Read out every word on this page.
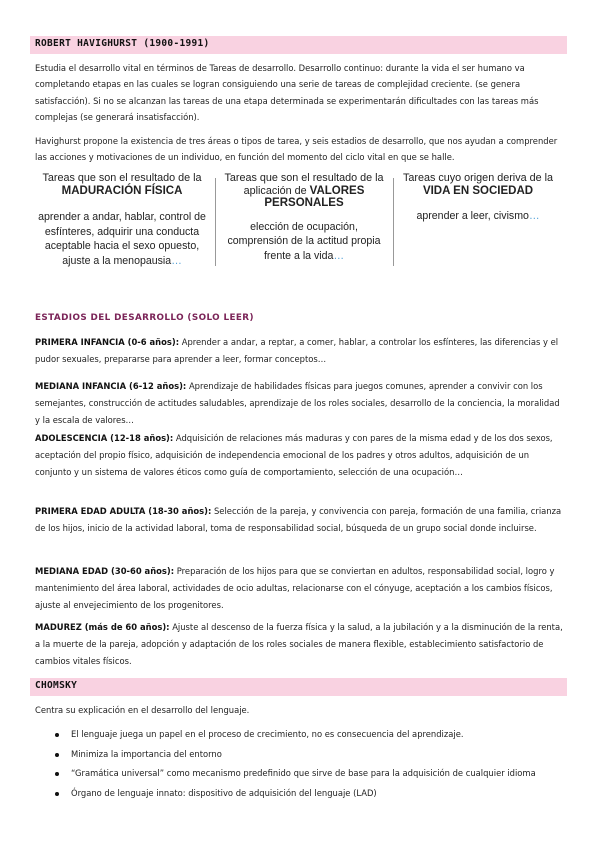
ROBERT HAVIGHURST (1900-1991)

Estudia el desarrollo vital en términos de Tareas de desarrollo. Desarrollo continuo: durante la vida el ser humano va completando etapas en las cuales se logran consiguiendo una serie de tareas de complejidad creciente. (se genera satisfacción). Si no se alcanzan las tareas de una etapa determinada se experimentarán dificultades con las tareas más complejas (se generará insatisfacción).

Havighurst propone la existencia de tres áreas o tipos de tarea, y seis estadios de desarrollo, que nos ayudan a comprender las acciones y motivaciones de un individuo, en función del momento del ciclo vital en que se halle.

Tareas que son el resultado de la MADURACIÓN FÍSICA
aprender a andar, hablar, control de esfínteres, adquirir una conducta aceptable hacia el sexo opuesto, ajuste a la menopausia…
Tareas que son el resultado de la aplicación de VALORES PERSONALES
elección de ocupación, comprensión de la actitud propia frente a la vida…
Tareas cuyo origen deriva de la VIDA EN SOCIEDAD
aprender a leer, civismo…
ESTADIOS DEL DESARROLLO (SOLO LEER)

PRIMERA INFANCIA (0-6 años): Aprender a andar, a reptar, a comer, hablar, a controlar los esfínteres, las diferencias y el pudor sexuales, prepararse para aprender a leer, formar conceptos…

MEDIANA INFANCIA (6-12 años): Aprendizaje de habilidades físicas para juegos comunes, aprender a convivir con los semejantes, construcción de actitudes saludables, aprendizaje de los roles sociales, desarrollo de la conciencia, la moralidad y la escala de valores…

ADOLESCENCIA (12-18 años): Adquisición de relaciones más maduras y con pares de la misma edad y de los dos sexos, aceptación del propio físico, adquisición de independencia emocional de los padres y otros adultos, adquisición de un conjunto y un sistema de valores éticos como guía de comportamiento, selección de una ocupación…

PRIMERA EDAD ADULTA (18-30 años): Selección de la pareja, y convivencia con pareja, formación de una familia, crianza de los hijos, inicio de la actividad laboral, toma de responsabilidad social, búsqueda de un grupo social donde incluirse.

MEDIANA EDAD (30-60 años): Preparación de los hijos para que se conviertan en adultos, responsabilidad social, logro y mantenimiento del área laboral, actividades de ocio adultas, relacionarse con el cónyuge, aceptación a los cambios físicos, ajuste al envejecimiento de los progenitores.

MADUREZ (más de 60 años): Ajuste al descenso de la fuerza física y la salud, a la jubilación y a la disminución de la renta, a la muerte de la pareja, adopción y adaptación de los roles sociales de manera flexible, establecimiento satisfactorio de cambios vitales físicos.

CHOMSKY

Centra su explicación en el desarrollo del lenguaje.

El lenguaje juega un papel en el proceso de crecimiento, no es consecuencia del aprendizaje.
Minimiza la importancia del entorno
“Gramática universal” como mecanismo predefinido que sirve de base para la adquisición de cualquier idioma
Órgano de lenguaje innato: dispositivo de adquisición del lenguaje (LAD)
